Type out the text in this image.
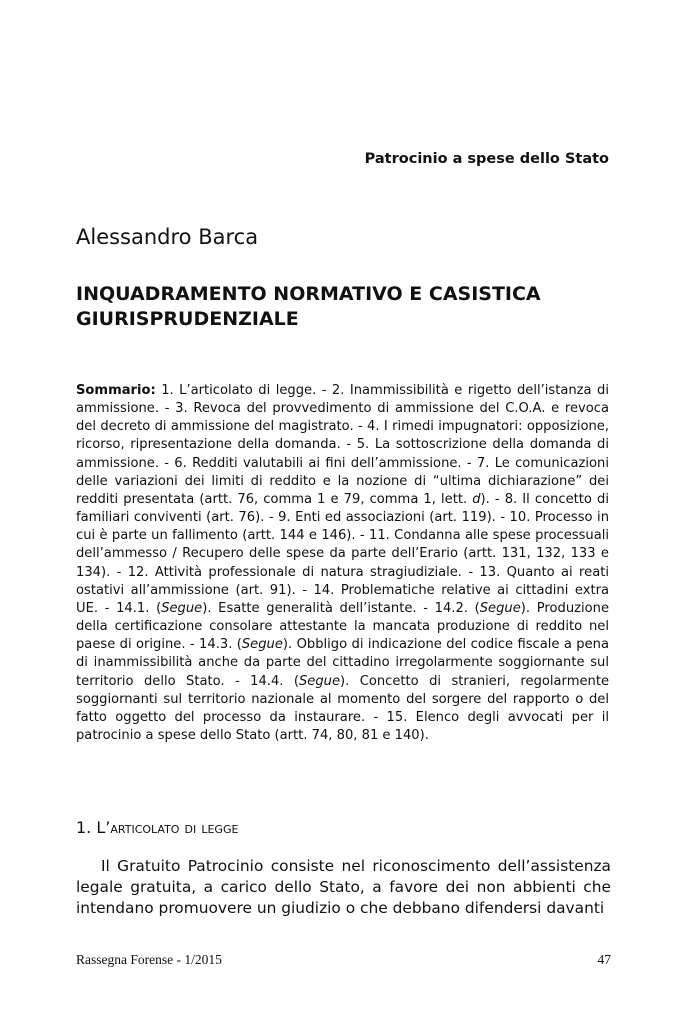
Patrocinio a spese dello Stato
Alessandro Barca
INQUADRAMENTO NORMATIVO E CASISTICA
GIURISPRUDENZIALE
Sommario: 1. L’articolato di legge. - 2. Inammissibilità e rigetto dell’istanza di ammissione. - 3. Revoca del provvedimento di ammissione del C.O.A. e revoca del decreto di ammissione del magistrato. - 4. I rimedi impugnatori: opposizione, ricorso, ripresentazione della domanda. - 5. La sottoscrizione della domanda di ammissione. - 6. Redditi valutabili ai fini dell’ammissione. - 7. Le comunicazioni delle variazioni dei limiti di reddito e la nozione di “ultima dichiarazione” dei redditi presentata (artt. 76, comma 1 e 79, comma 1, lett. d). - 8. Il concetto di familiari conviventi (art. 76). - 9. Enti ed associazioni (art. 119). - 10. Processo in cui è parte un fallimento (artt. 144 e 146). - 11. Condanna alle spese processuali dell’ammesso / Recupero delle spese da parte dell’Erario (artt. 131, 132, 133 e 134). - 12. Attività professionale di natura stragiudiziale. - 13. Quanto ai reati ostativi all’ammissione (art. 91). - 14. Problematiche relative ai cittadini extra UE. - 14.1. (Segue). Esatte generalità dell’istante. - 14.2. (Segue). Produzione della certificazione consolare attestante la mancata produzione di reddito nel paese di origine. - 14.3. (Segue). Obbligo di indicazione del codice fiscale a pena di inammissibilità anche da parte del cittadino irregolarmente soggiornante sul territorio dello Stato. - 14.4. (Segue). Concetto di stranieri, regolarmente soggiornanti sul territorio nazionale al momento del sorgere del rapporto o del fatto oggetto del processo da instaurare. - 15. Elenco degli avvocati per il patrocinio a spese dello Stato (artt. 74, 80, 81 e 140).
1. L’articolato di legge
Il Gratuito Patrocinio consiste nel riconoscimento dell’assistenza legale gratuita, a carico dello Stato, a favore dei non abbienti che intendano promuovere un giudizio o che debbano difendersi davanti
Rassegna Forense - 1/2015	47
